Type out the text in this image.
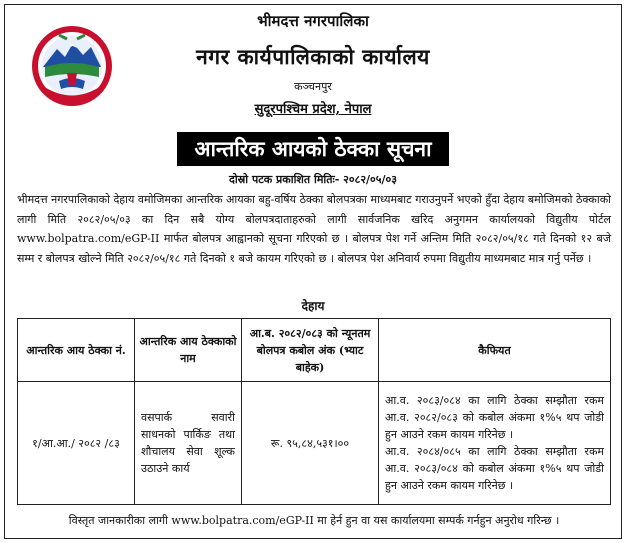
भीमदत्त नगरपालिका
नगर कार्यपालिकाको कार्यालय
कञ्चनपुर
सुदूरपश्चिम प्रदेश, नेपाल
आन्तरिक आयको ठेक्का सूचना
दोस्रो पटक प्रकाशित मितिः- २०८२/०५/०३
भीमदत्त नगरपालिकाको देहाय वमोजिमका आन्तरिक आयका बहु-वर्षिय ठेक्का बोलपत्रका माध्यमबाट गराउनुपर्ने भएको हुँदा देहाय बमोजिमको ठेक्काको लागी मिति २०८२/०५/०३ का दिन सबै योग्य बोलपत्रदाताहरुको लागी सार्वजनिक खरिद अनुगमन कार्यालयको विद्युतीय पोर्टल www.bolpatra.com/eGP-II मार्फत बोलपत्र आह्वानको सूचना गरिएको छ । बोलपत्र पेश गर्ने अन्तिम मिति २०८२/०५/१८ गते दिनको १२ बजे सम्म र बोलपत्र खोल्ने मिति २०८२/०५/१८ गते दिनको १ बजे कायम गरिएको छ । बोलपत्र पेश अनिवार्य रुपमा विद्युतीय माध्यमबाट मात्र गर्नु पर्नेछ ।
देहाय
आन्तरिक आय ठेक्का नं.	आन्तरिक आय ठेक्काको नाम	आ.ब. २०८२/०८३ को न्यूनतम बोलपत्र कबोल अंक (भ्याट बाहेक)	कैफियत
१/आ.आ./ २०८२ /८३	वसपार्क सवारी साधनको पार्किङ तथा शौचालय सेवा शूल्क उठाउने कार्य	रू. ९५,८४,५३१।००	आ.व. २०८३/०८४ का लागि ठेक्का सम्झौता रकम आ.व. २०८२/०८३ को कबोल अंकमा १%५ थप जोडी हुन आउने रकम कायम गरिनेछ ।

आ.व. २०८४/०८५ का लागि ठेक्का सम्झौता रकम आ.व. २०८३/०८४ को कबोल अंकमा १%५ थप जोडी हुन आउने रकम कायम गरिनेछ ।

विस्तृत जानकारीका लागी www.bolpatra.com/eGP-II मा हेर्न हुन वा यस कार्यालयमा सम्पर्क गर्नहुन अनुरोध गरिन्छ ।
